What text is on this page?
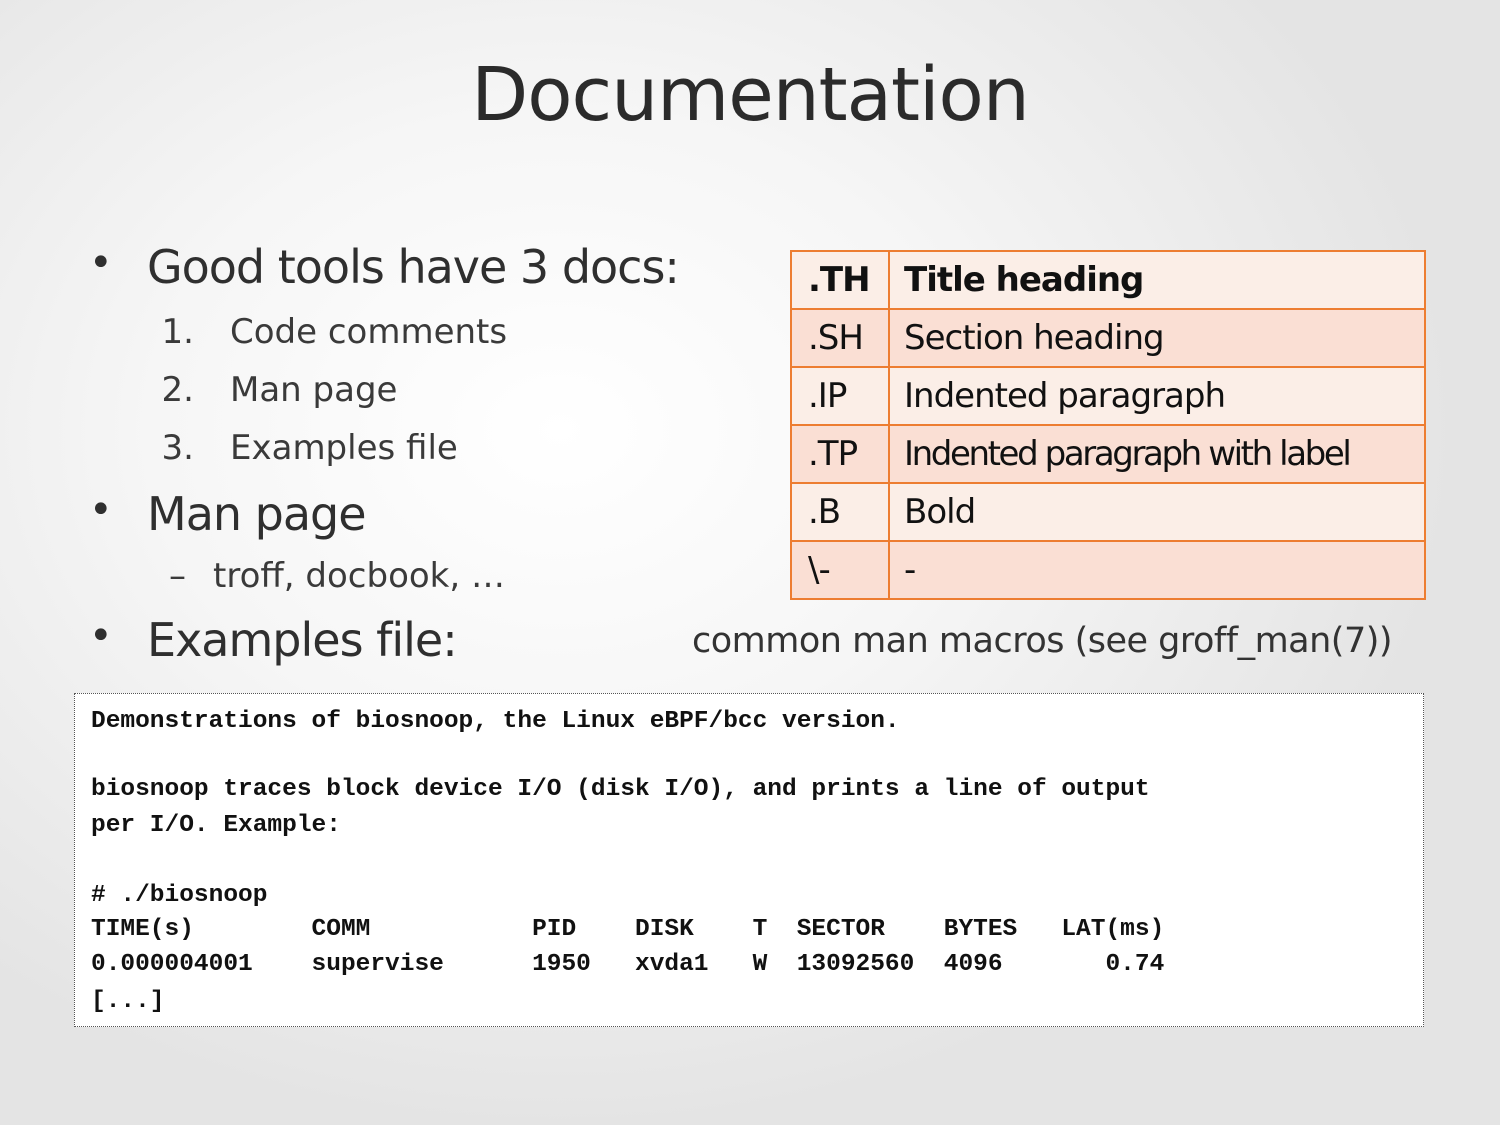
Documentation
• Good tools have 3 docs:
1. Code comments
2. Man page
3. Examples file
• Man page
– troff, docbook, …
• Examples file:
.TH	Title heading
.SH	Section heading
.IP	Indented paragraph
.TP	Indented paragraph with label
.B	Bold
\-	-
common man macros (see groff_man(7))
Demonstrations of biosnoop, the Linux eBPF/bcc version.
biosnoop traces block device I/O (disk I/O), and prints a line of output
per I/O. Example:
# ./biosnoop
TIME(s)        COMM           PID    DISK    T  SECTOR    BYTES   LAT(ms)
0.000004001    supervise      1950   xvda1   W  13092560  4096       0.74
[...]
